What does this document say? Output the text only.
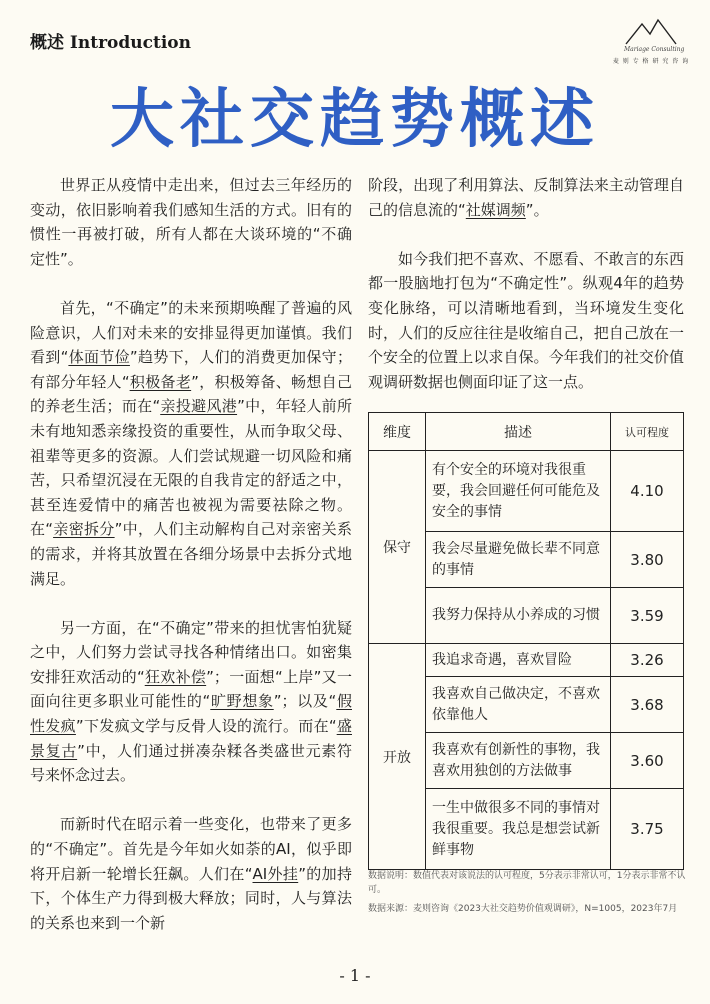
概述 Introduction	Mariage Consulting
麦 则 专 格 研 究 咨 询
大社交趋势概述

世界正从疫情中走出来，但过去三年经历的变动，依旧影响着我们感知生活的方式。旧有的惯性一再被打破，所有人都在大谈环境的“不确定性”。

首先，“不确定”的未来预期唤醒了普遍的风险意识，人们对未来的安排显得更加谨慎。我们看到“体面节俭”趋势下，人们的消费更加保守；有部分年轻人“积极备老”，积极筹备、畅想自己的养老生活；而在“亲投避风港”中，年轻人前所未有地知悉亲缘投资的重要性，从而争取父母、祖辈等更多的资源。人们尝试规避一切风险和痛苦，只希望沉浸在无限的自我肯定的舒适之中，甚至连爱情中的痛苦也被视为需要祛除之物。在“亲密拆分”中，人们主动解构自己对亲密关系的需求，并将其放置在各细分场景中去拆分式地满足。

另一方面，在“不确定”带来的担忧害怕犹疑之中，人们努力尝试寻找各种情绪出口。如密集安排狂欢活动的“狂欢补偿”；一面想“上岸”又一面向往更多职业可能性的“旷野想象”；以及“假性发疯”下发疯文学与反骨人设的流行。而在“盛景复古”中，人们通过拼凑杂糅各类盛世元素符号来怀念过去。

而新时代在昭示着一些变化，也带来了更多的“不确定”。首先是今年如火如荼的AI，似乎即将开启新一轮增长狂飙。人们在“AI外挂”的加持下，个体生产力得到极大释放；同时，人与算法的关系也来到一个新

阶段，出现了利用算法、反制算法来主动管理自己的信息流的“社媒调频”。

如今我们把不喜欢、不愿看、不敢言的东西都一股脑地打包为“不确定性”。纵观4年的趋势变化脉络，可以清晰地看到，当环境发生变化时，人们的反应往往是收缩自己，把自己放在一个安全的位置上以求自保。今年我们的社交价值观调研数据也侧面印证了这一点。

维度	描述	认可程度
保守	有个安全的环境对我很重要，我会回避任何可能危及安全的事情	4.10
	我会尽量避免做长辈不同意的事情	3.80
	我努力保持从小养成的习惯	3.59
开放	我追求奇遇，喜欢冒险	3.26
	我喜欢自己做决定，不喜欢依靠他人	3.68
	我喜欢有创新性的事物，我喜欢用独创的方法做事	3.60
	一生中做很多不同的事情对我很重要。我总是想尝试新鲜事物	3.75

数据说明：数值代表对该说法的认可程度，5分表示非常认可，1分表示非常不认可。

数据来源：麦则咨询《2023大社交趋势价值观调研》，N=1005，2023年7月

- 1 -
